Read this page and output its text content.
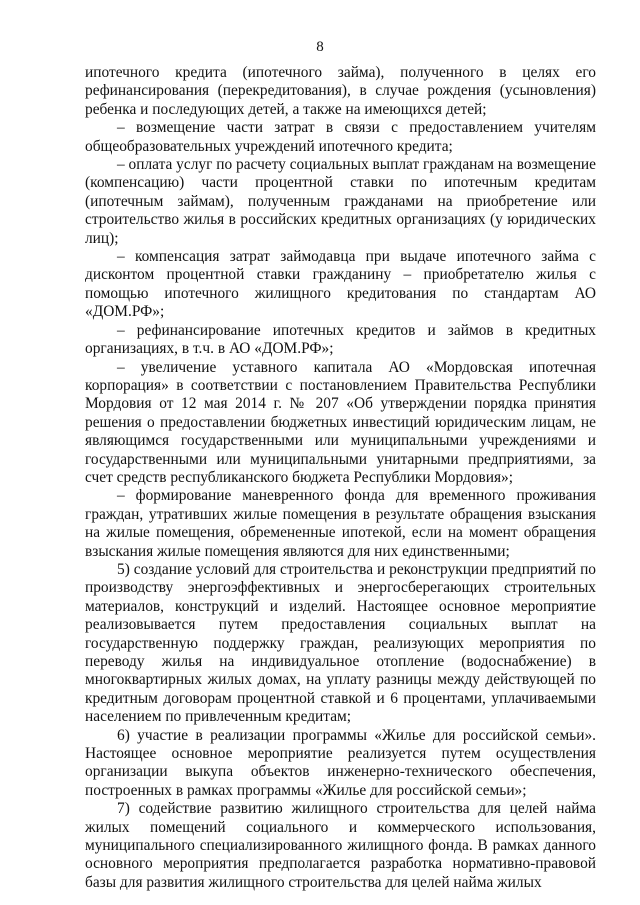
8

ипотечного кредита (ипотечного займа), полученного в целях его рефинансирования (перекредитования), в случае рождения (усыновления) ребенка и последующих детей, а также на имеющихся детей;

– возмещение части затрат в связи с предоставлением учителям общеобразовательных учреждений ипотечного кредита;

– оплата услуг по расчету социальных выплат гражданам на возмещение (компенсацию) части процентной ставки по ипотечным кредитам (ипотечным займам), полученным гражданами на приобретение или строительство жилья в российских кредитных организациях (у юридических лиц);

– компенсация затрат займодавца при выдаче ипотечного займа с дисконтом процентной ставки гражданину – приобретателю жилья с помощью ипотечного жилищного кредитования по стандартам АО «ДОМ.РФ»;

– рефинансирование ипотечных кредитов и займов в кредитных организациях, в т.ч. в АО «ДОМ.РФ»;

– увеличение уставного капитала АО «Мордовская ипотечная корпорация» в соответствии с постановлением Правительства Республики Мордовия от 12 мая 2014 г. № 207 «Об утверждении порядка принятия решения о предоставлении бюджетных инвестиций юридическим лицам, не являющимся государственными или муниципальными учреждениями и государственными или муниципальными унитарными предприятиями, за счет средств республиканского бюджета Республики Мордовия»;

– формирование маневренного фонда для временного проживания граждан, утративших жилые помещения в результате обращения взыскания на жилые помещения, обремененные ипотекой, если на момент обращения взыскания жилые помещения являются для них единственными;

5) создание условий для строительства и реконструкции предприятий по производству энергоэффективных и энергосберегающих строительных материалов, конструкций и изделий. Настоящее основное мероприятие реализовывается путем предоставления социальных выплат на государственную поддержку граждан, реализующих мероприятия по переводу жилья на индивидуальное отопление (водоснабжение) в многоквартирных жилых домах, на уплату разницы между действующей по кредитным договорам процентной ставкой и 6 процентами, уплачиваемыми населением по привлеченным кредитам;

6) участие в реализации программы «Жилье для российской семьи». Настоящее основное мероприятие реализуется путем осуществления организации выкупа объектов инженерно-технического обеспечения, построенных в рамках программы «Жилье для российской семьи»;

7) содействие развитию жилищного строительства для целей найма жилых помещений социального и коммерческого использования, муниципального специализированного жилищного фонда. В рамках данного основного мероприятия предполагается разработка нормативно-правовой базы для развития жилищного строительства для целей найма жилых
